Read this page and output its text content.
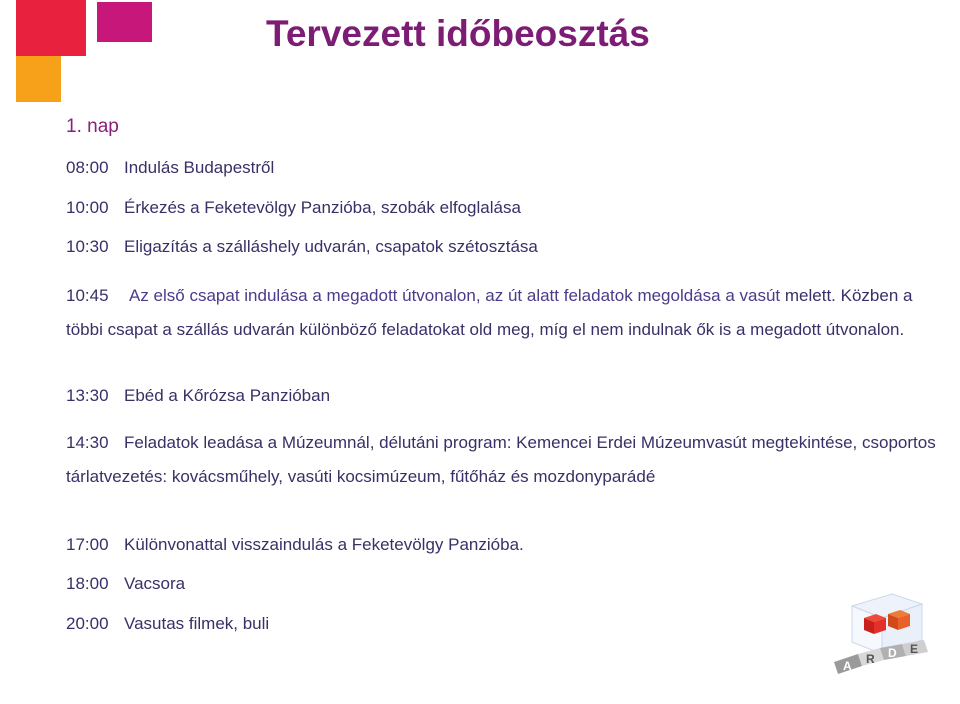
Tervezett időbeosztás
1. nap
08:00 Indulás Budapestről
10:00 Érkezés a Feketevölgy Panzióba, szobák elfoglalása
10:30 Eligazítás a szálláshely udvarán, csapatok szétosztása
10:45 Az első csapat indulása a megadott útvonalon, az út alatt feladatok megoldása a vasút melett. Közben a többi csapat a szállás udvarán különböző feladatokat old meg, míg el nem indulnak ők is a megadott útvonalon.
13:30 Ebéd a Kőrózsa Panzióban
14:30 Feladatok leadása a Múzeumnál, délutáni program: Kemencei Erdei Múzeumvasút megtekintése, csoportos tárlatvezetés: kovácsműhely, vasúti kocsimúzeum, fűtőház és mozdonyparádé
17:00 Különvonattal visszaindulás a Feketevölgy Panzióba.
18:00 Vacsora
20:00 Vasutas filmek, buli
A R D E
